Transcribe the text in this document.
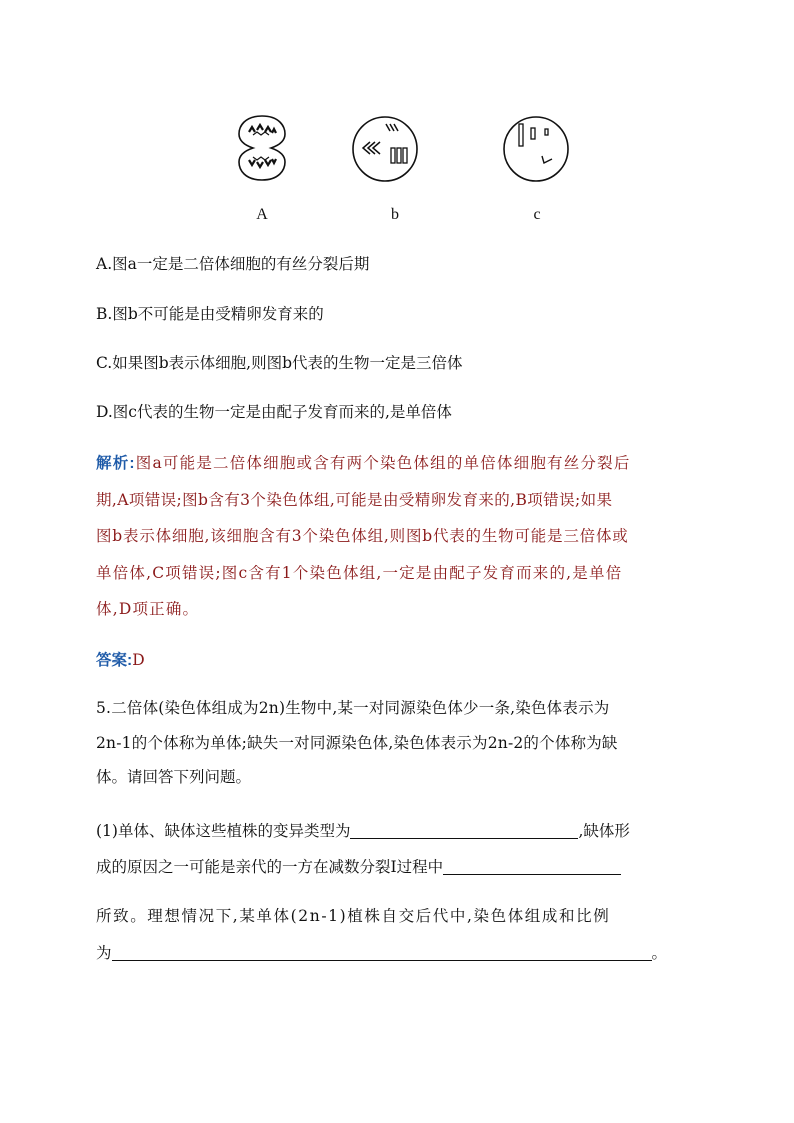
A	b	c
A.图a一定是二倍体细胞的有丝分裂后期
B.图b不可能是由受精卵发育来的
C.如果图b表示体细胞,则图b代表的生物一定是三倍体
D.图c代表的生物一定是由配子发育而来的,是单倍体
解析:图a可能是二倍体细胞或含有两个染色体组的单倍体细胞有丝分裂后
期,A项错误;图b含有3个染色体组,可能是由受精卵发育来的,B项错误;如果
图b表示体细胞,该细胞含有3个染色体组,则图b代表的生物可能是三倍体或
单倍体,C项错误;图c含有1个染色体组,一定是由配子发育而来的,是单倍
体,D项正确。
答案:D
5.二倍体(染色体组成为2n)生物中,某一对同源染色体少一条,染色体表示为
2n-1的个体称为单体;缺失一对同源染色体,染色体表示为2n-2的个体称为缺
体。请回答下列问题。
(1)单体、缺体这些植株的变异类型为	,缺体形
成的原因之一可能是亲代的一方在减数分裂Ⅰ过程中
所致。理想情况下,某单体(2n-1)植株自交后代中,染色体组成和比例
为	。
